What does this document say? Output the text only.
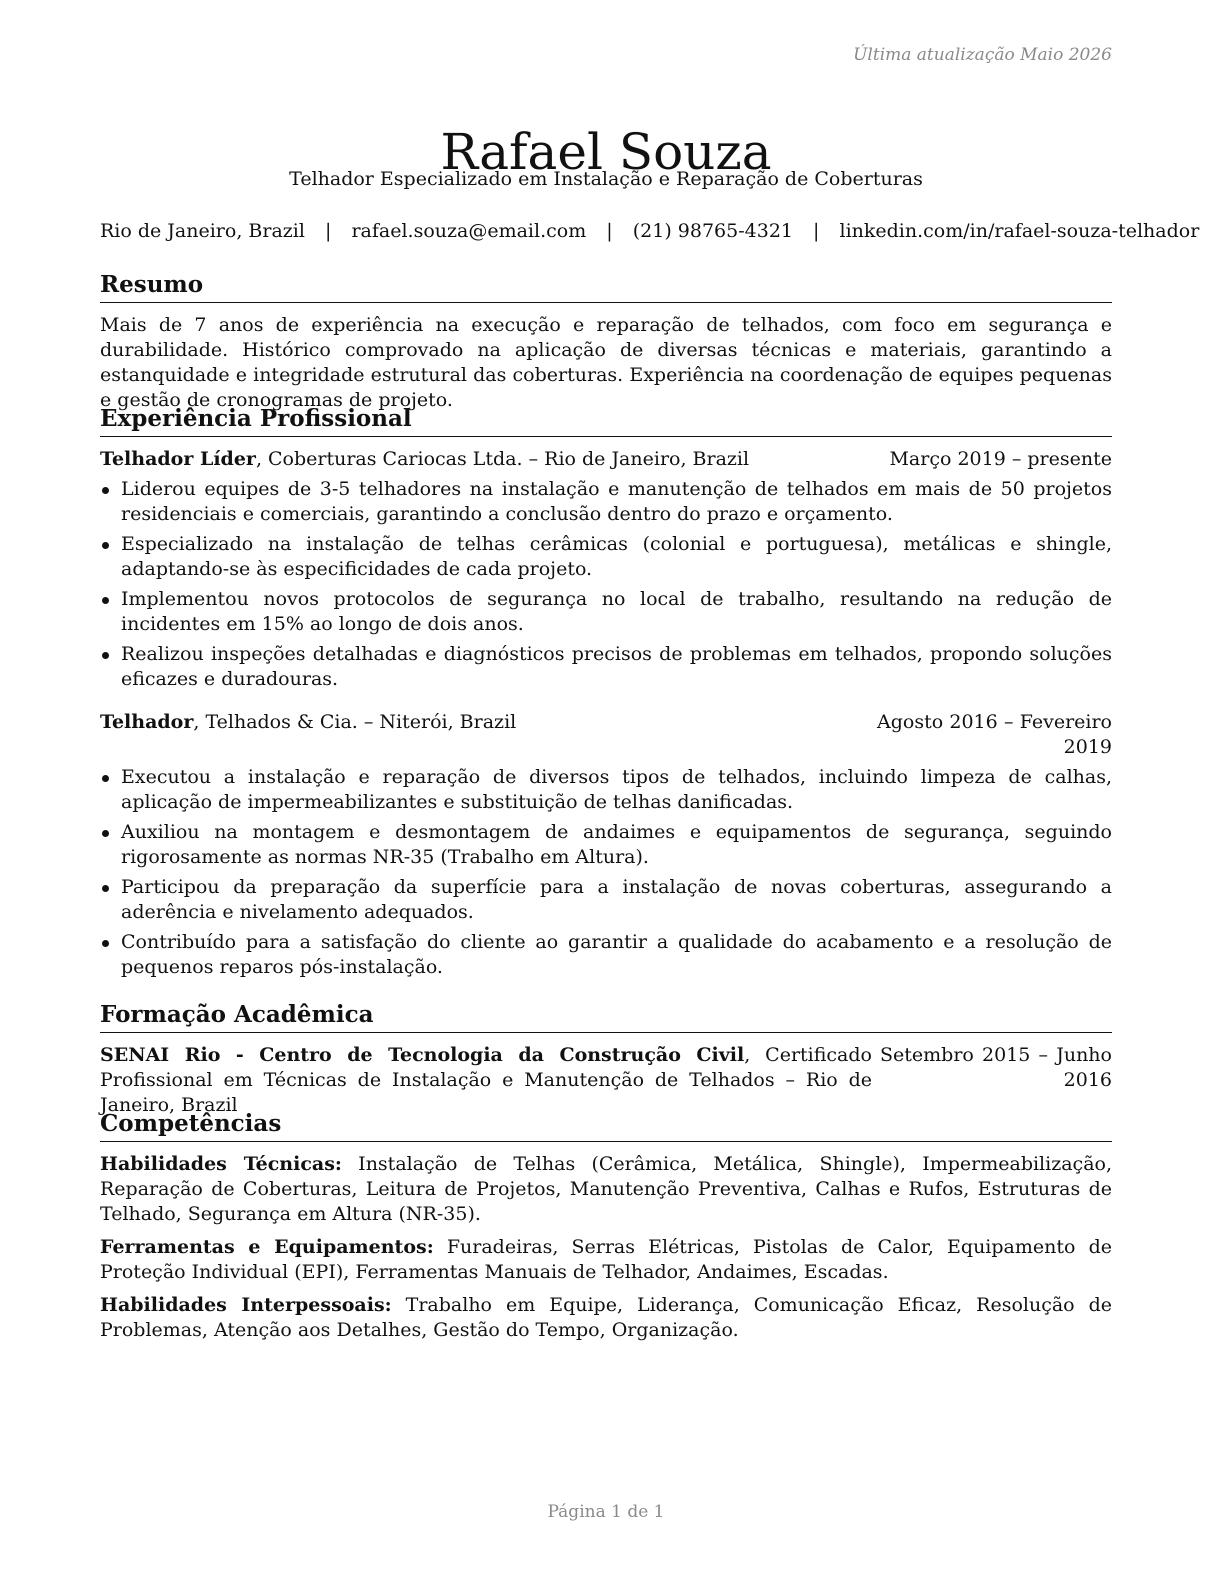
Última atualização Maio 2026
Rafael Souza
Telhador Especializado em Instalação e Reparação de Coberturas
Rio de Janeiro, Brazil | rafael.souza@email.com | (21) 98765-4321 | linkedin.com/in/rafael-souza-telhador
Resumo

Mais de 7 anos de experiência na execução e reparação de telhados, com foco em segurança e durabilidade. Histórico comprovado na aplicação de diversas técnicas e materiais, garantindo a estanquidade e integridade estrutural das coberturas. Experiência na coordenação de equipes pequenas e gestão de cronogramas de projeto.

Experiência Profissional
Telhador Líder, Coberturas Cariocas Ltda. – Rio de Janeiro, Brazil	Março 2019 – presente
Liderou equipes de 3-5 telhadores na instalação e manutenção de telhados em mais de 50 projetos residenciais e comerciais, garantindo a conclusão dentro do prazo e orçamento.
Especializado na instalação de telhas cerâmicas (colonial e portuguesa), metálicas e shingle, adaptando-se às especificidades de cada projeto.
Implementou novos protocolos de segurança no local de trabalho, resultando na redução de incidentes em 15% ao longo de dois anos.
Realizou inspeções detalhadas e diagnósticos precisos de problemas em telhados, propondo soluções eficazes e duradouras.
Telhador, Telhados & Cia. – Niterói, Brazil	Agosto 2016 – Fevereiro 2019
Executou a instalação e reparação de diversos tipos de telhados, incluindo limpeza de calhas, aplicação de impermeabilizantes e substituição de telhas danificadas.
Auxiliou na montagem e desmontagem de andaimes e equipamentos de segurança, seguindo rigorosamente as normas NR-35 (Trabalho em Altura).
Participou da preparação da superfície para a instalação de novas coberturas, assegurando a aderência e nivelamento adequados.
Contribuído para a satisfação do cliente ao garantir a qualidade do acabamento e a resolução de pequenos reparos pós-instalação.
Formação Acadêmica
SENAI Rio - Centro de Tecnologia da Construção Civil, Certificado Profissional em Técnicas de Instalação e Manutenção de Telhados – Rio de Janeiro, Brazil
Setembro 2015 – Junho 2016
Competências

Habilidades Técnicas: Instalação de Telhas (Cerâmica, Metálica, Shingle), Impermeabilização, Reparação de Coberturas, Leitura de Projetos, Manutenção Preventiva, Calhas e Rufos, Estruturas de Telhado, Segurança em Altura (NR-35).

Ferramentas e Equipamentos: Furadeiras, Serras Elétricas, Pistolas de Calor, Equipamento de Proteção Individual (EPI), Ferramentas Manuais de Telhador, Andaimes, Escadas.

Habilidades Interpessoais: Trabalho em Equipe, Liderança, Comunicação Eficaz, Resolução de Problemas, Atenção aos Detalhes, Gestão do Tempo, Organização.

Página 1 de 1
